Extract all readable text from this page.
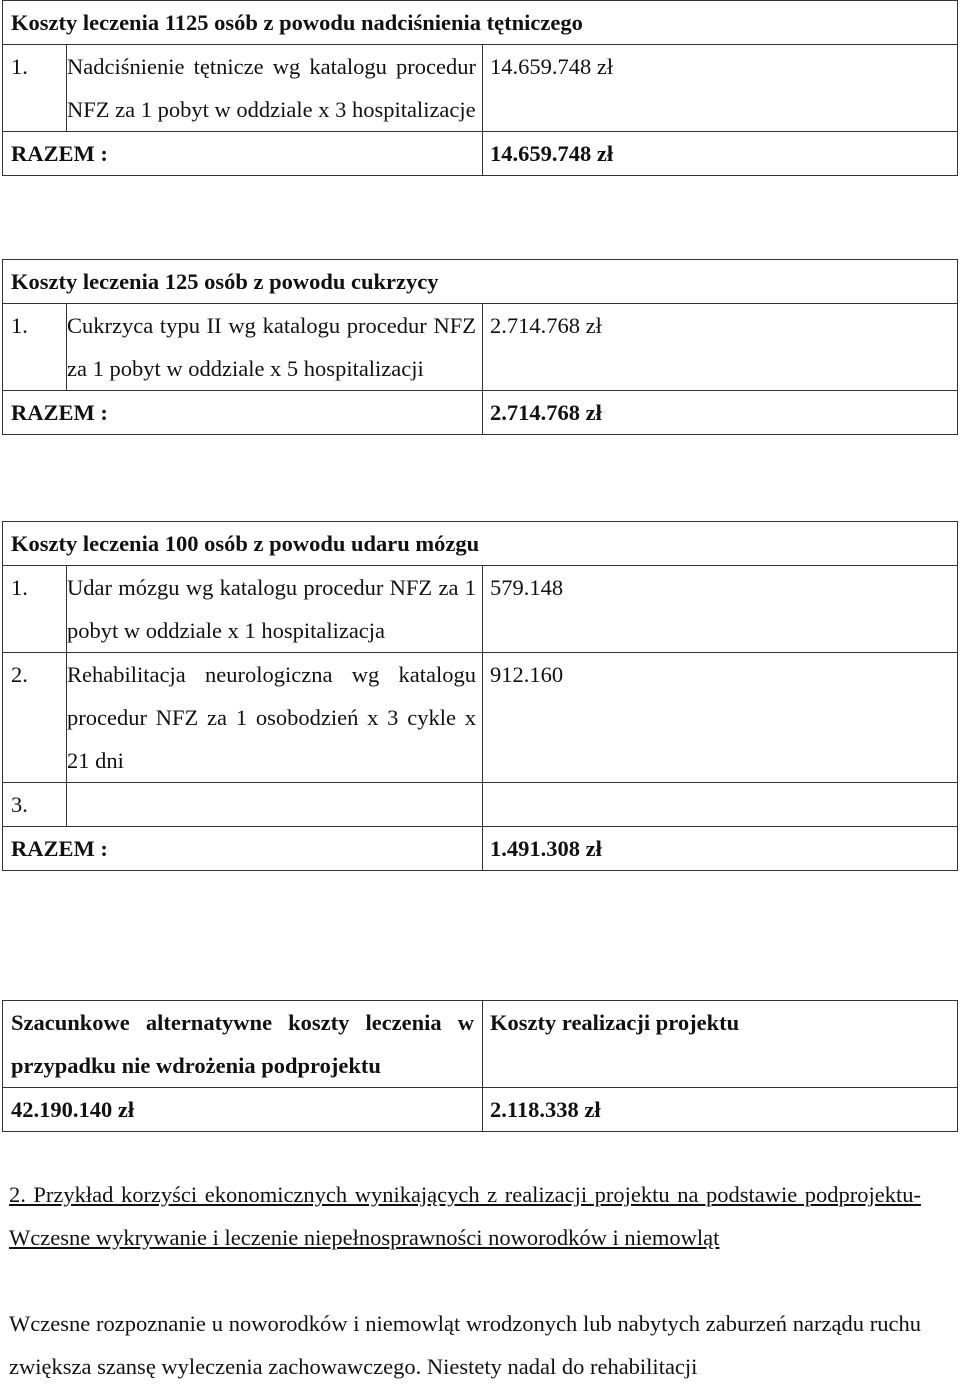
Koszty leczenia 1125 osób z powodu nadciśnienia tętniczego		
1.	Nadciśnienie tętnicze wg katalogu procedur NFZ za 1 pobyt w oddziale x 3 hospitalizacje	14.659.748 zł
RAZEM :		14.659.748 zł
Koszty leczenia 125 osób z powodu cukrzycy		
1.	Cukrzyca typu II wg katalogu procedur NFZ za 1 pobyt w oddziale x 5 hospitalizacji	2.714.768 zł
RAZEM :		2.714.768 zł
Koszty leczenia 100 osób z powodu udaru mózgu		
1.	Udar mózgu wg katalogu procedur NFZ za 1 pobyt w oddziale x 1 hospitalizacja	579.148
2.	Rehabilitacja neurologiczna wg katalogu procedur NFZ za 1 osobodzień x 3 cykle x 21 dni	912.160
3.		
RAZEM :		1.491.308 zł
Szacunkowe alternatywne koszty leczenia w przypadku nie wdrożenia podprojektu	Koszty realizacji projektu
42.190.140 zł	2.118.338 zł
2. Przykład korzyści ekonomicznych wynikających z realizacji projektu na podstawie podprojektu- Wczesne wykrywanie i leczenie niepełnosprawności noworodków i niemowląt
Wczesne rozpoznanie u noworodków i niemowląt wrodzonych lub nabytych zaburzeń narządu ruchu zwiększa szansę wyleczenia zachowawczego. Niestety nadal do rehabilitacji
